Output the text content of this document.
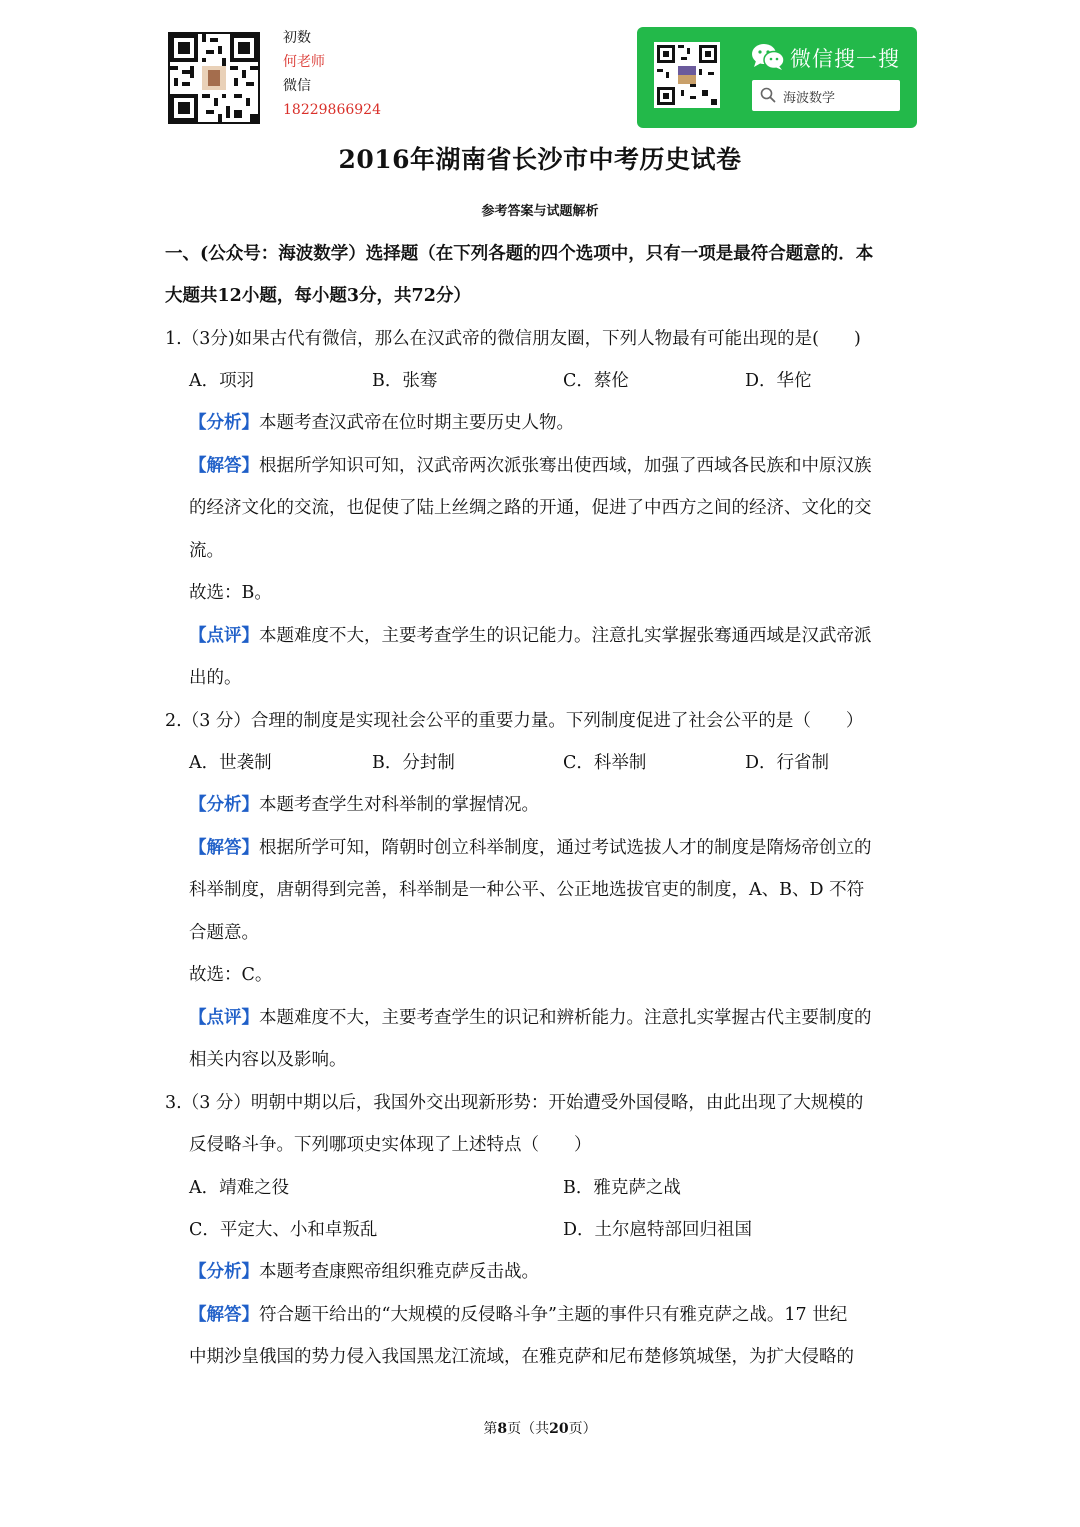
初数
何老师
微信
18229866924
微信搜一搜
海波数学
2016年湖南省长沙市中考历史试卷
参考答案与试题解析
一、(公众号：海波数学）选择题（在下列各题的四个选项中，只有一项是最符合题意的．本
大题共12小题，每小题3分，共72分）
1.（3分)如果古代有微信，那么在汉武帝的微信朋友圈，下列人物最有可能出现的是(　　)
A．项羽	B．张骞	C．蔡伦	D．华佗
【分析】本题考查汉武帝在位时期主要历史人物。
【解答】根据所学知识可知，汉武帝两次派张骞出使西域，加强了西域各民族和中原汉族
的经济文化的交流，也促使了陆上丝绸之路的开通，促进了中西方之间的经济、文化的交
流。
故选：B。
【点评】本题难度不大，主要考查学生的识记能力。注意扎实掌握张骞通西域是汉武帝派
出的。
2.（3 分）合理的制度是实现社会公平的重要力量。下列制度促进了社会公平的是（　　）
A．世袭制	B．分封制	C．科举制	D．行省制
【分析】本题考查学生对科举制的掌握情况。
【解答】根据所学可知，隋朝时创立科举制度，通过考试选拔人才的制度是隋炀帝创立的
科举制度，唐朝得到完善，科举制是一种公平、公正地选拔官吏的制度，A、B、D 不符
合题意。
故选：C。
【点评】本题难度不大，主要考查学生的识记和辨析能力。注意扎实掌握古代主要制度的
相关内容以及影响。
3.（3 分）明朝中期以后，我国外交出现新形势：开始遭受外国侵略，由此出现了大规模的
反侵略斗争。下列哪项史实体现了上述特点（　　）
A．靖难之役	B．雅克萨之战
C．平定大、小和卓叛乱	D．土尔扈特部回归祖国
【分析】本题考查康熙帝组织雅克萨反击战。
【解答】符合题干给出的“大规模的反侵略斗争”主题的事件只有雅克萨之战。17 世纪
中期沙皇俄国的势力侵入我国黑龙江流域，在雅克萨和尼布楚修筑城堡，为扩大侵略的
第8页（共20页）
